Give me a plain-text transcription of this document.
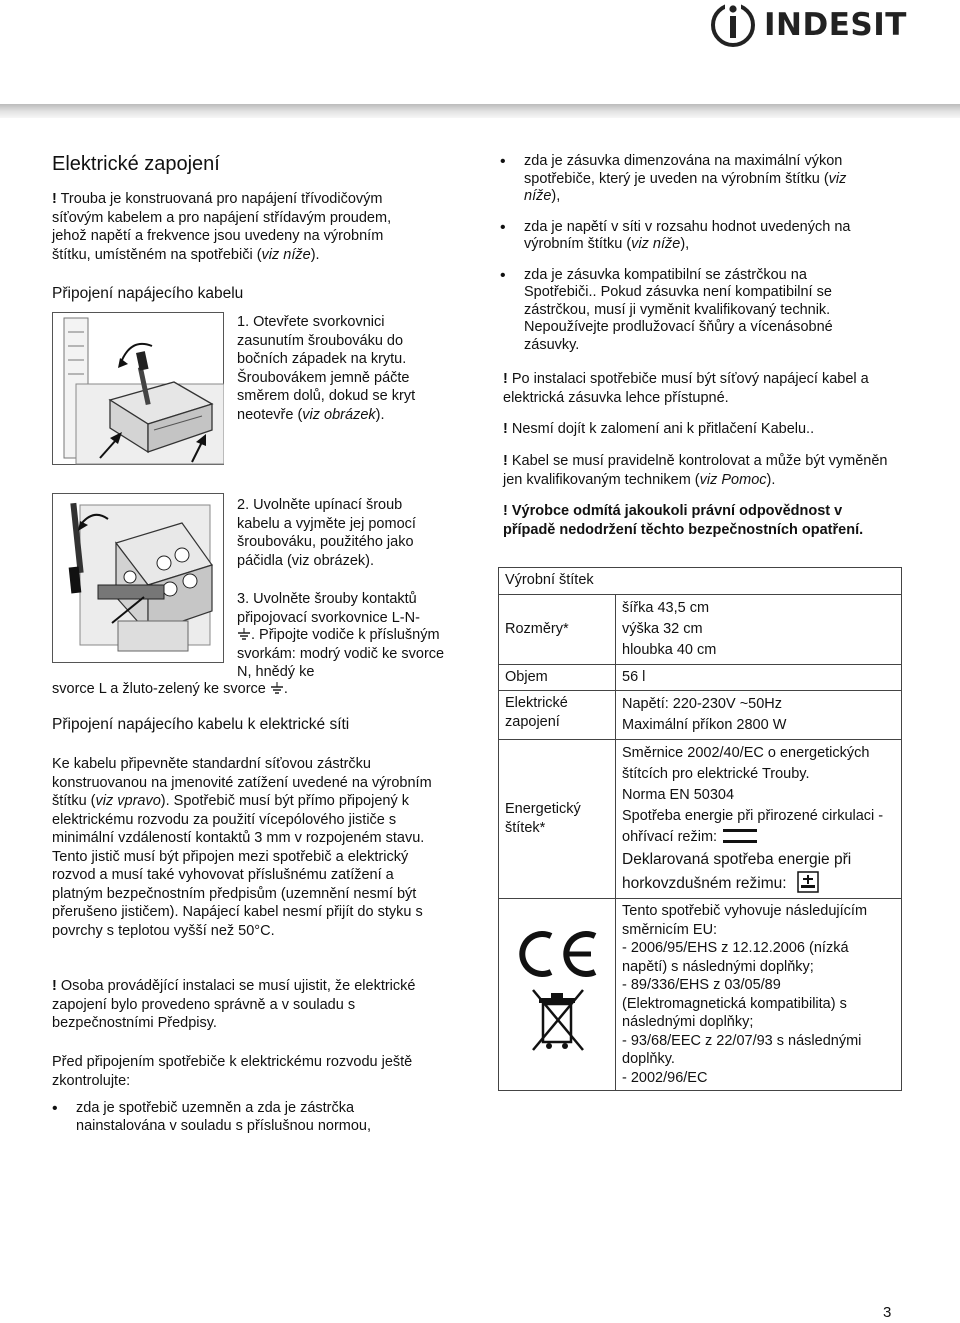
INDESIT

Elektrické zapojení

! Trouba je konstruovaná pro napájení třívodičovým síťovým kabelem a pro napájení střídavým proudem, jehož napětí a frekvence jsou uvedeny na výrobním štítku, umístěném na spotřebiči (viz níže).

Připojení napájecího kabelu

1. Otevřete svorkovnici zasunutím šroubováku do bočních západek na krytu. Šroubovákem jemně páčte směrem dolů, dokud se kryt neotevře (viz obrázek).

2. Uvolněte upínací šroub kabelu a vyjměte jej pomocí šroubováku, použitého jako páčidla (viz obrázek).

3. Uvolněte šrouby kontaktů připojovací svorkovnice L-N-

. Připojte vodiče k příslušným svorkám: modrý vodič ke svorce N, hnědý ke

svorce L a žluto-zelený ke svorce .

Připojení napájecího kabelu k elektrické síti

Ke kabelu připevněte standardní síťovou zástrčku konstruovanou na jmenovité zatížení uvedené na výrobním štítku (viz vpravo). Spotřebič musí být přímo připojený k elektrickému rozvodu za použití vícepólového jističe s minimální vzdáleností kontaktů 3 mm v rozpojeném stavu. Tento jistič musí být připojen mezi spotřebič a elektrický rozvod a musí také vyhovovat příslušnému zatížení a platným bezpečnostním předpisům (uzemnění nesmí být přerušeno jističem). Napájecí kabel nesmí přijít do styku s povrchy s teplotou vyšší než 50°C.

! Osoba provádějící instalaci se musí ujistit, že elektrické zapojení bylo provedeno správně a v souladu s bezpečnostními Předpisy.

Před připojením spotřebiče k elektrickému rozvodu ještě zkontrolujte:

• zda je spotřebič uzemněn a zda je zástrčka nainstalována v souladu s příslušnou normou,
• zda je zásuvka dimenzována na maximální výkon spotřebiče, který je uveden na výrobním štítku (viz níže),
• zda je napětí v síti v rozsahu hodnot uvedených na výrobním štítku (viz níže),
• zda je zásuvka kompatibilní se zástrčkou na Spotřebiči.. Pokud zásuvka není kompatibilní se zástrčkou, musí ji vyměnit kvalifikovaný technik. Nepoužívejte prodlužovací šňůry a vícenásobné zásuvky.

! Po instalaci spotřebiče musí být síťový napájecí kabel a elektrická zásuvka lehce přístupné.

! Nesmí dojít k zalomení ani k přitlačení Kabelu..

! Kabel se musí pravidelně kontrolovat a může být vyměněn jen kvalifikovaným technikem (viz Pomoc).

! Výrobce odmítá jakoukoli právní odpovědnost v případě nedodržení těchto bezpečnostních opatření.

Výrobní štítek	
Rozměry*	šířka 43,5 cm
výška 32 cm
hloubka 40 cm

Objem	56 l
Elektrické zapojení	Napětí: 220-230V ~50Hz
Maximální příkon 2800 W

Energetický štítek*	Směrnice 2002/40/EC o energetických štítcích pro elektrické Trouby.
Norma EN 50304
Spotřeba energie při přirozené cirkulaci - ohřívací režim:
Deklarovaná spotřeba energie při horkovzdušném režimu:

	Tento spotřebič vyhovuje následujícím směrnicím EU:
- 2006/95/EHS z 12.12.2006 (nízká napětí) s následnými doplňky;
- 89/336/EHS z 03/05/89 (Elektromagnetická kompatibilita) s následnými doplňky;
- 93/68/EEC z 22/07/93 s následnými doplňky.
- 2002/96/EC
3
